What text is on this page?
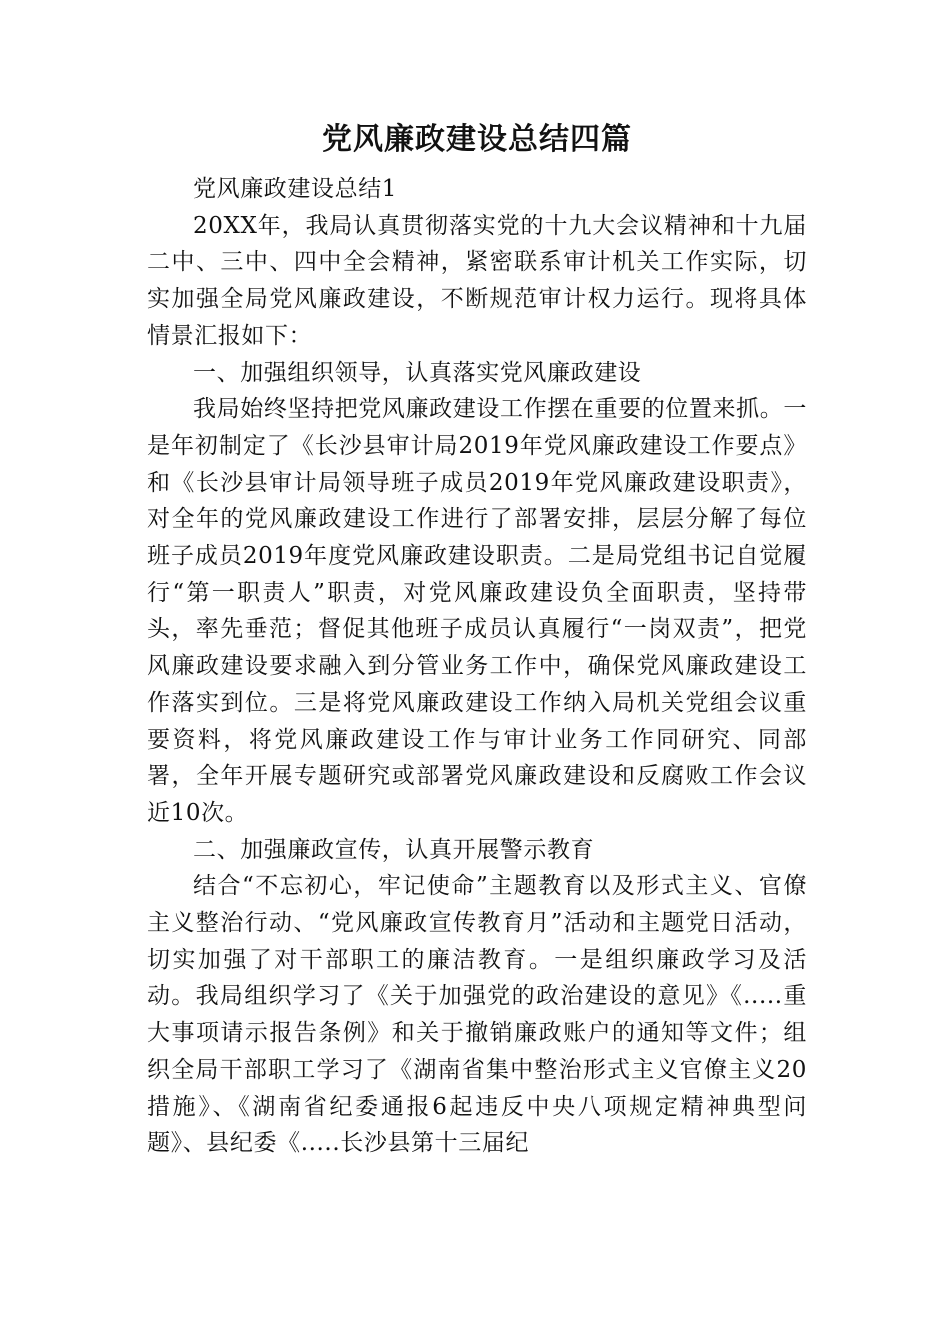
党风廉政建设总结四篇

党风廉政建设总结1

20XX年，我局认真贯彻落实党的十九大会议精神和十九届二中、三中、四中全会精神，紧密联系审计机关工作实际，切实加强全局党风廉政建设，不断规范审计权力运行。现将具体情景汇报如下：

一、加强组织领导，认真落实党风廉政建设

我局始终坚持把党风廉政建设工作摆在重要的位置来抓。一是年初制定了《长沙县审计局2019年党风廉政建设工作要点》和《长沙县审计局领导班子成员2019年党风廉政建设职责》，对全年的党风廉政建设工作进行了部署安排，层层分解了每位班子成员2019年度党风廉政建设职责。二是局党组书记自觉履行“第一职责人”职责，对党风廉政建设负全面职责，坚持带头，率先垂范；督促其他班子成员认真履行“一岗双责”，把党风廉政建设要求融入到分管业务工作中，确保党风廉政建设工作落实到位。三是将党风廉政建设工作纳入局机关党组会议重要资料，将党风廉政建设工作与审计业务工作同研究、同部署，全年开展专题研究或部署党风廉政建设和反腐败工作会议近10次。

二、加强廉政宣传，认真开展警示教育

结合“不忘初心，牢记使命”主题教育以及形式主义、官僚主义整治行动、“党风廉政宣传教育月”活动和主题党日活动，切实加强了对干部职工的廉洁教育。一是组织廉政学习及活动。我局组织学习了《关于加强党的政治建设的意见》《.....重大事项请示报告条例》和关于撤销廉政账户的通知等文件；组织全局干部职工学习了《湖南省集中整治形式主义官僚主义20措施》、《湖南省纪委通报6起违反中央八项规定精神典型问题》、县纪委《.....长沙县第十三届纪
